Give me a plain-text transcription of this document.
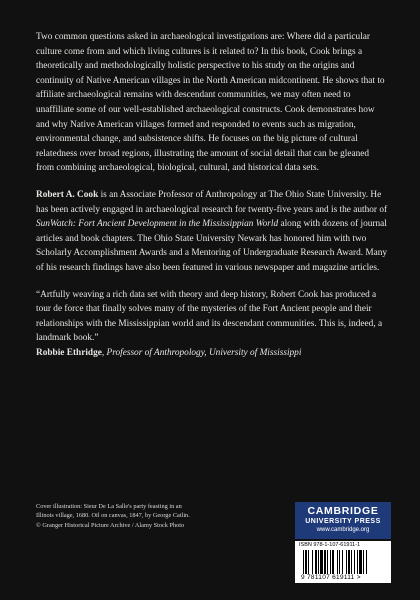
Two common questions asked in archaeological investigations are: Where did a particular culture come from and which living cultures is it related to? In this book, Cook brings a theoretically and methodologically holistic perspective to his study on the origins and continuity of Native American villages in the North American midcontinent. He shows that to affiliate archaeological remains with descendant communities, we may often need to unaffiliate some of our well-established archaeological constructs. Cook demonstrates how and why Native American villages formed and responded to events such as migration, environmental change, and subsistence shifts. He focuses on the big picture of cultural relatedness over broad regions, illustrating the amount of social detail that can be gleaned from combining archaeological, biological, cultural, and historical data sets.

Robert A. Cook is an Associate Professor of Anthropology at The Ohio State University. He has been actively engaged in archaeological research for twenty-five years and is the author of SunWatch: Fort Ancient Development in the Mississippian World along with dozens of journal articles and book chapters. The Ohio State University Newark has honored him with two Scholarly Accomplishment Awards and a Mentoring of Undergraduate Research Award. Many of his research findings have also been featured in various newspaper and magazine articles.

“Artfully weaving a rich data set with theory and deep history, Robert Cook has produced a tour de force that finally solves many of the mysteries of the Fort Ancient people and their relationships with the Mississippian world and its descendant communities. This is, indeed, a landmark book.”

Robbie Ethridge, Professor of Anthropology, University of Mississippi

Cover illustration: Sieur De La Salle's party feasting in an Illinois village, 1680. Oil on canvas, 1847, by George Catlin. © Granger Historical Picture Archive / Alamy Stock Photo
CAMBRIDGE
UNIVERSITY PRESS
www.cambridge.org
ISBN 978-1-107-61911-1
9 781107 619111 >
